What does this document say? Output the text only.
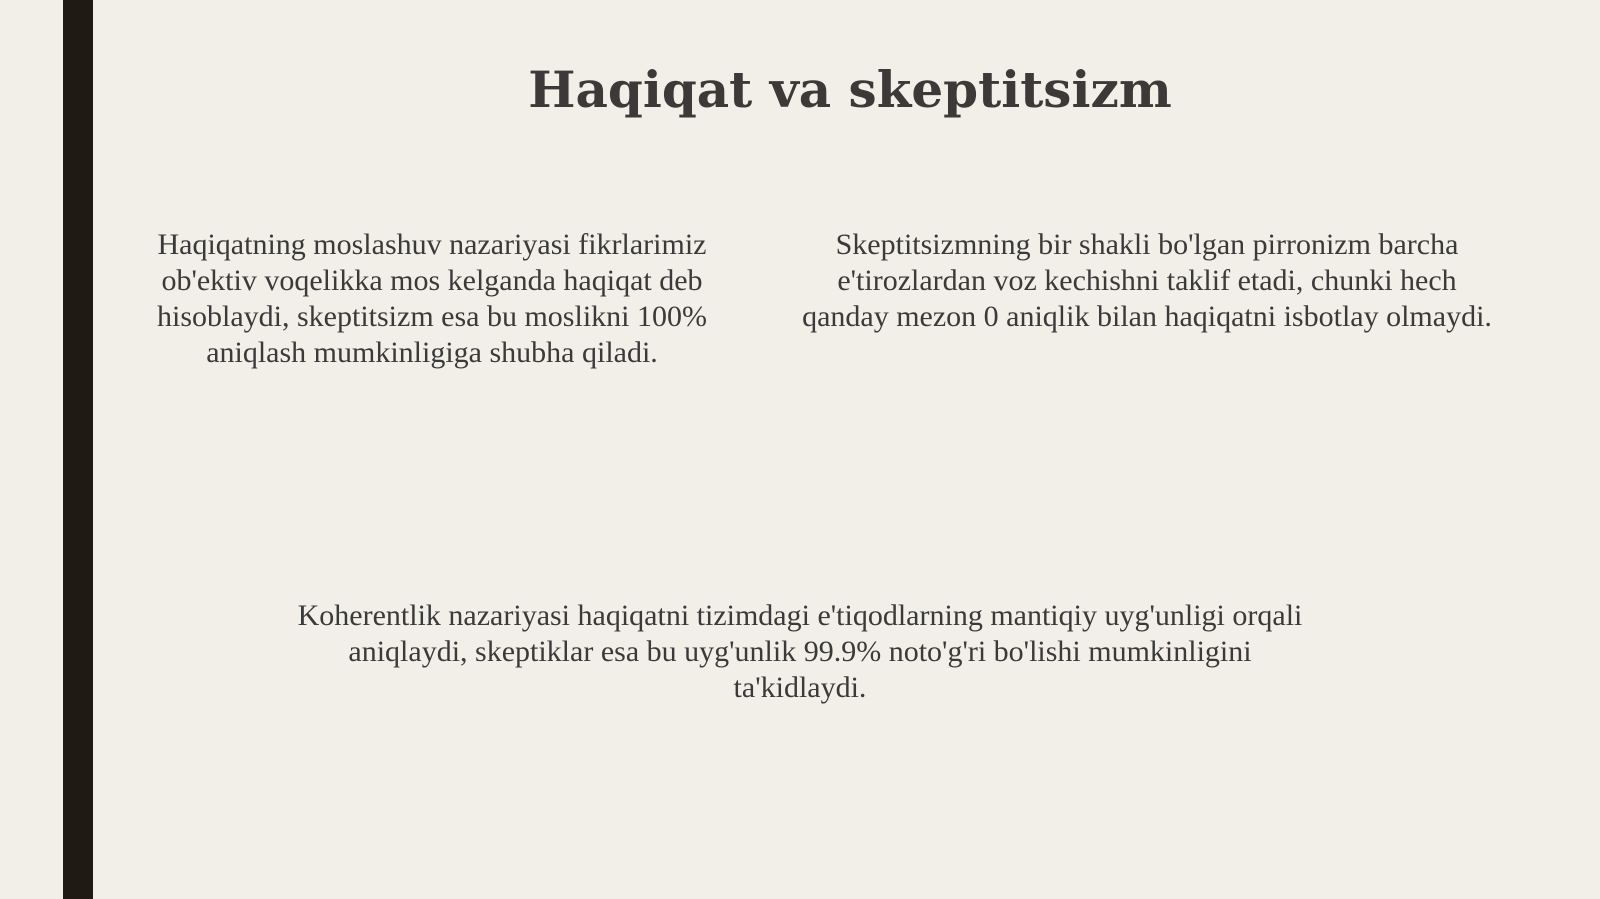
Haqiqat va skeptitsizm

Haqiqatning moslashuv nazariyasi fikrlarimiz ob'ektiv voqelikka mos kelganda haqiqat deb hisoblaydi, skeptitsizm esa bu moslikni 100% aniqlash mumkinligiga shubha qiladi.

Skeptitsizmning bir shakli bo'lgan pirronizm barcha e'tirozlardan voz kechishni taklif etadi, chunki hech qanday mezon 0 aniqlik bilan haqiqatni isbotlay olmaydi.

Koherentlik nazariyasi haqiqatni tizimdagi e'tiqodlarning mantiqiy uyg'unligi orqali aniqlaydi, skeptiklar esa bu uyg'unlik 99.9% noto'g'ri bo'lishi mumkinligini ta'kidlaydi.
